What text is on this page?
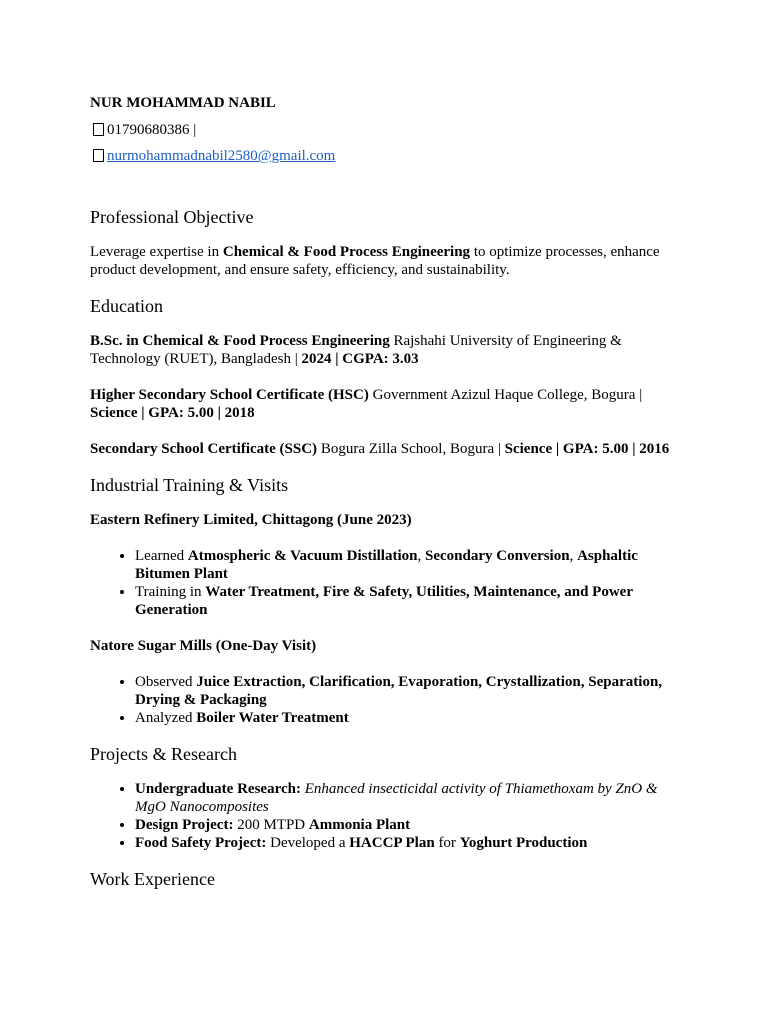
NUR MOHAMMAD NABIL
01790680386 |
nurmohammadnabil2580@gmail.com
Professional Objective

Leverage expertise in Chemical & Food Process Engineering to optimize processes, enhance product development, and ensure safety, efficiency, and sustainability.

Education

B.Sc. in Chemical & Food Process Engineering Rajshahi University of Engineering & Technology (RUET), Bangladesh | 2024 | CGPA: 3.03

Higher Secondary School Certificate (HSC) Government Azizul Haque College, Bogura | Science | GPA: 5.00 | 2018

Secondary School Certificate (SSC) Bogura Zilla School, Bogura | Science | GPA: 5.00 | 2016

Industrial Training & Visits

Eastern Refinery Limited, Chittagong (June 2023)

• Learned Atmospheric & Vacuum Distillation, Secondary Conversion, Asphaltic Bitumen Plant
• Training in Water Treatment, Fire & Safety, Utilities, Maintenance, and Power Generation

Natore Sugar Mills (One-Day Visit)

• Observed Juice Extraction, Clarification, Evaporation, Crystallization, Separation, Drying & Packaging
• Analyzed Boiler Water Treatment
Projects & Research
• Undergraduate Research: Enhanced insecticidal activity of Thiamethoxam by ZnO & MgO Nanocomposites
• Design Project: 200 MTPD Ammonia Plant
• Food Safety Project: Developed a HACCP Plan for Yoghurt Production
Work Experience
